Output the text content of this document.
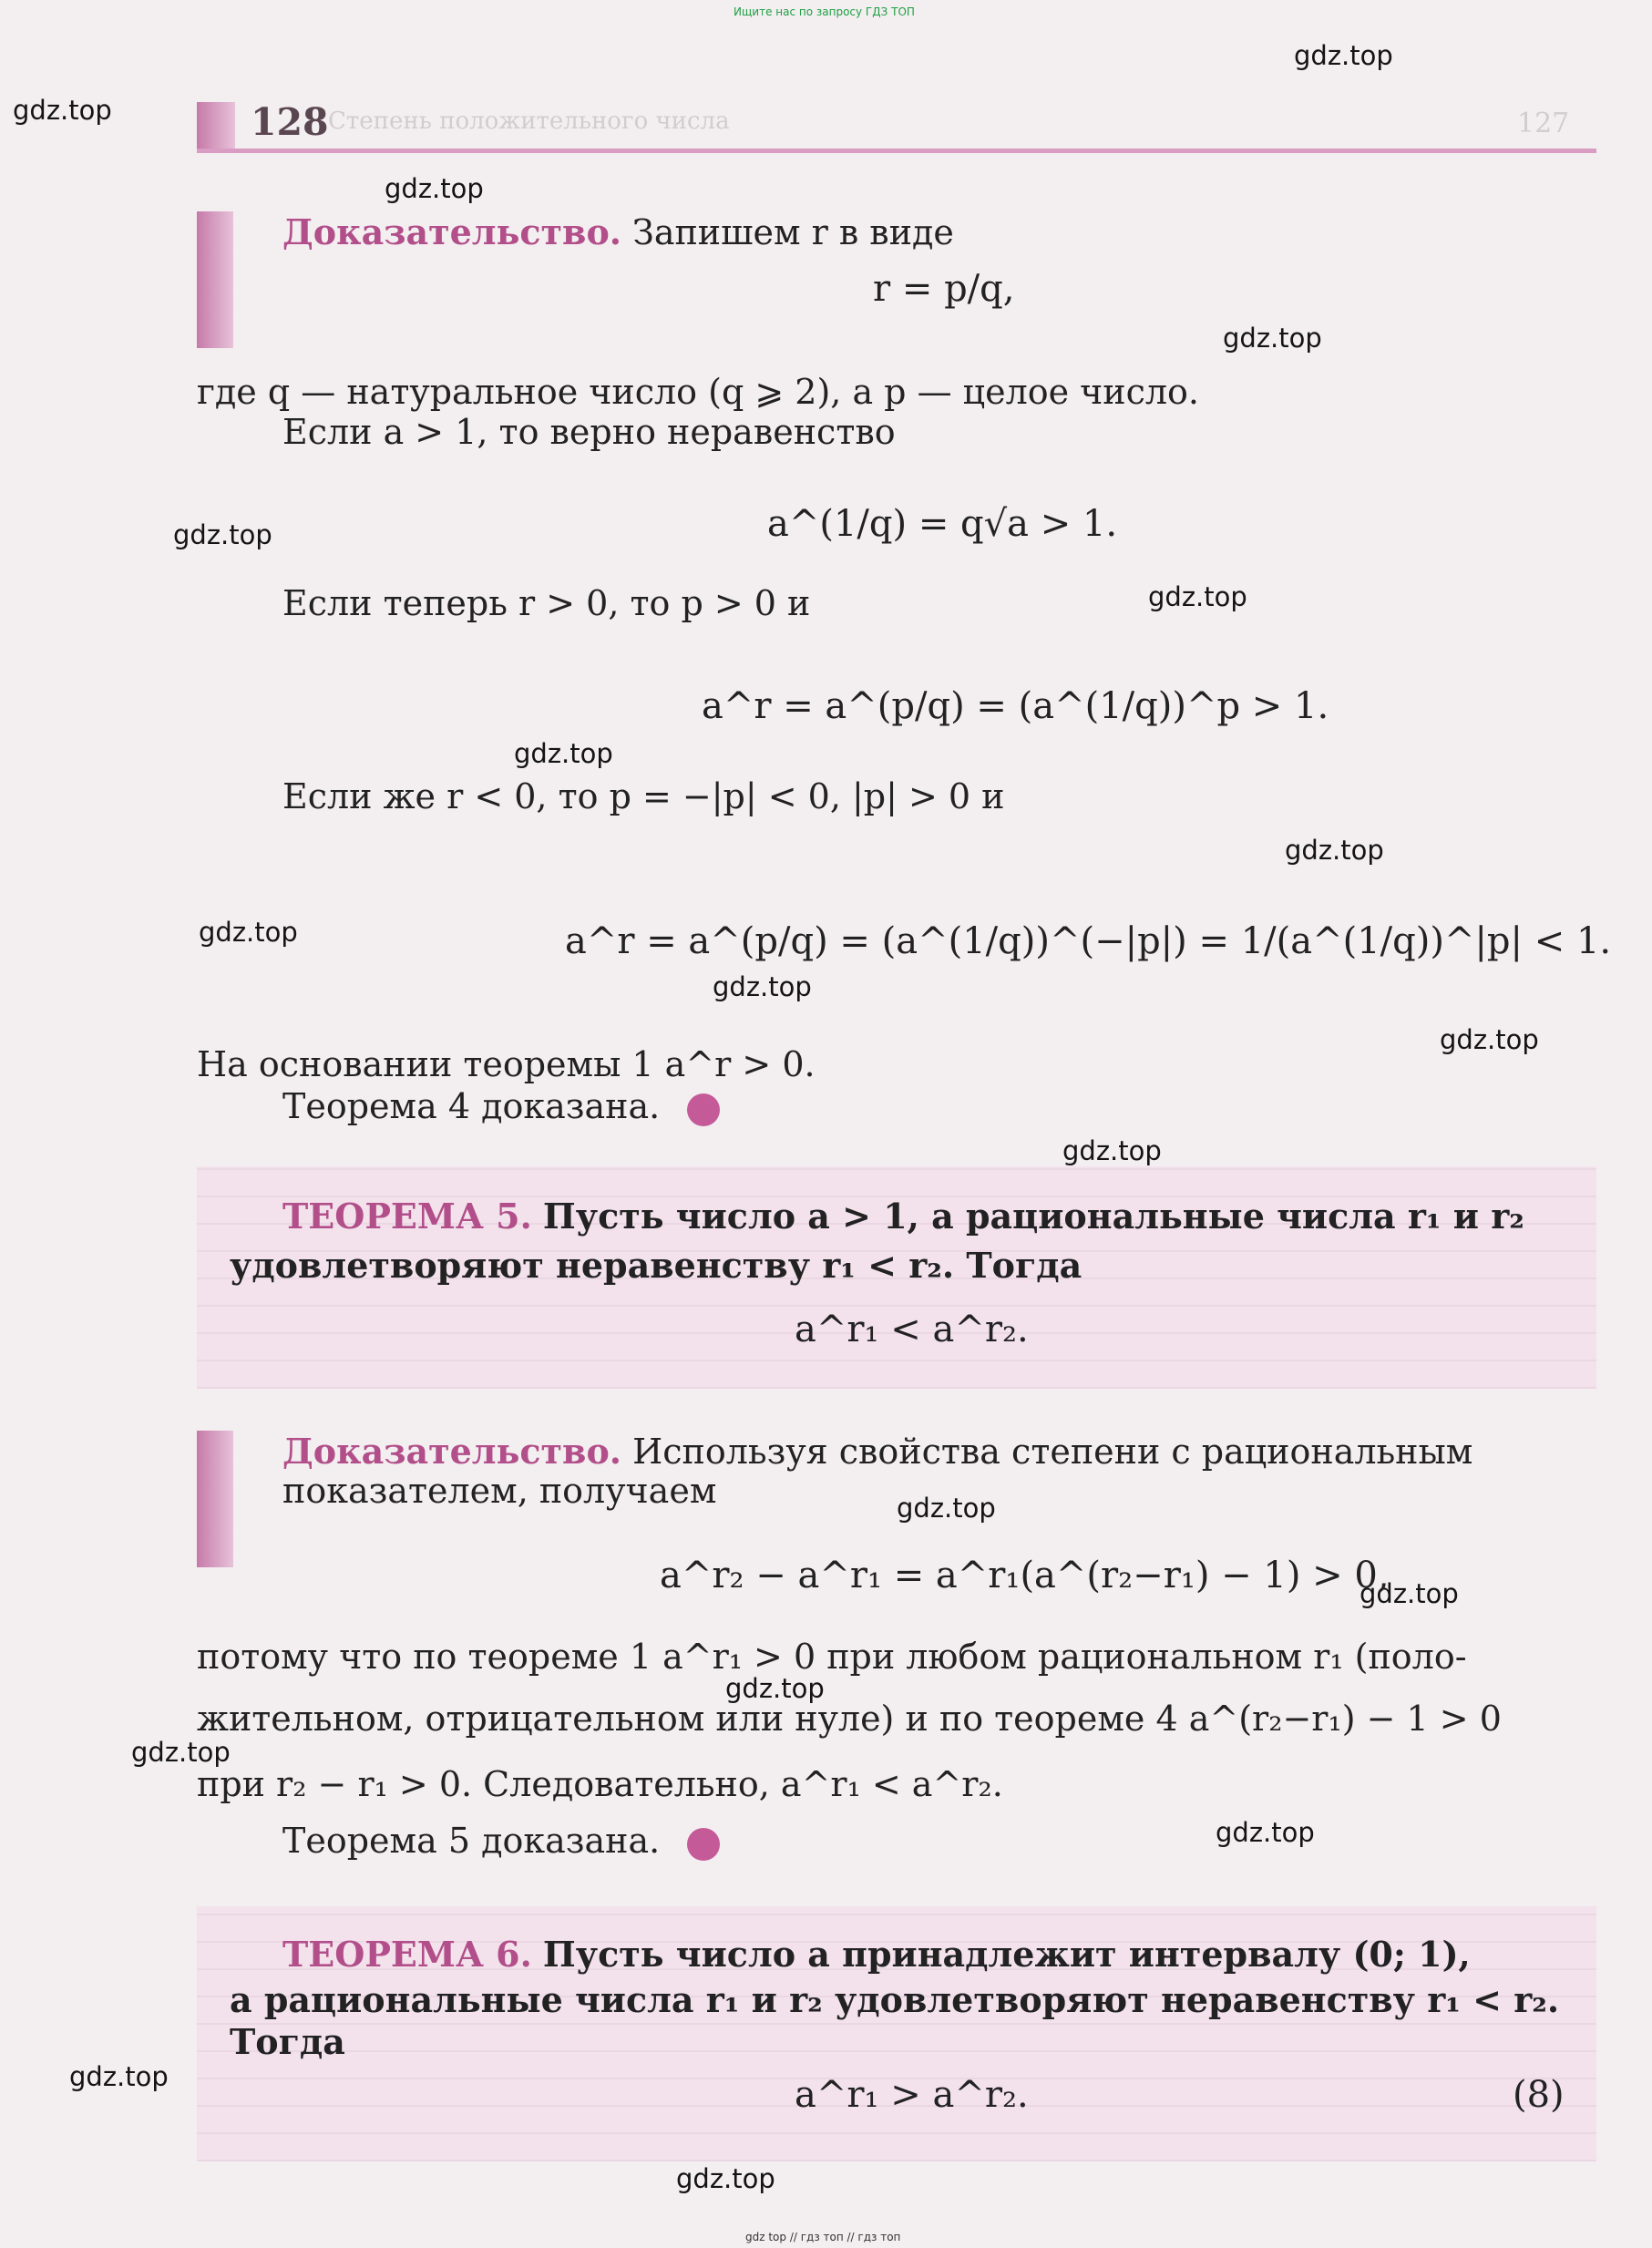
Ищите нас по запросу ГДЗ ТОП
128 Степень положительного числа	127
gdz.top
gdz.top
gdz.top
gdz.top
gdz.top
gdz.top
gdz.top
gdz.top
gdz.top
gdz.top
gdz.top
gdz.top
gdz.top
gdz.top
gdz.top
gdz.top
gdz.top
gdz.top
gdz.top
Доказательство. Запишем r в виде
r = p/q,
где q — натуральное число (q ⩾ 2), а p — целое число.
Если a > 1, то верно неравенство
a^(1/q) = q√a > 1.
Если теперь r > 0, то p > 0 и
a^r = a^(p/q) = (a^(1/q))^p > 1.
Если же r < 0, то p = −|p| < 0, |p| > 0 и
a^r = a^(p/q) = (a^(1/q))^(−|p|) = 1/(a^(1/q))^|p| < 1.
На основании теоремы 1 a^r > 0.
Теорема 4 доказана.
ТЕОРЕМА 5. Пусть число a > 1, а рациональные числа r₁ и r₂
удовлетворяют неравенству r₁ < r₂. Тогда
a^r₁ < a^r₂.
Доказательство. Используя свойства степени с рациональным
показателем, получаем
a^r₂ − a^r₁ = a^r₁(a^(r₂−r₁) − 1) > 0,
потому что по теореме 1 a^r₁ > 0 при любом рациональном r₁ (поло-
жительном, отрицательном или нуле) и по теореме 4 a^(r₂−r₁) − 1 > 0
при r₂ − r₁ > 0. Следовательно, a^r₁ < a^r₂.
Теорема 5 доказана.
ТЕОРЕМА 6. Пусть число a принадлежит интервалу (0; 1),
а рациональные числа r₁ и r₂ удовлетворяют неравенству r₁ < r₂.
Тогда
a^r₁ > a^r₂.	(8)
gdz top // гдз топ // гдз топ
